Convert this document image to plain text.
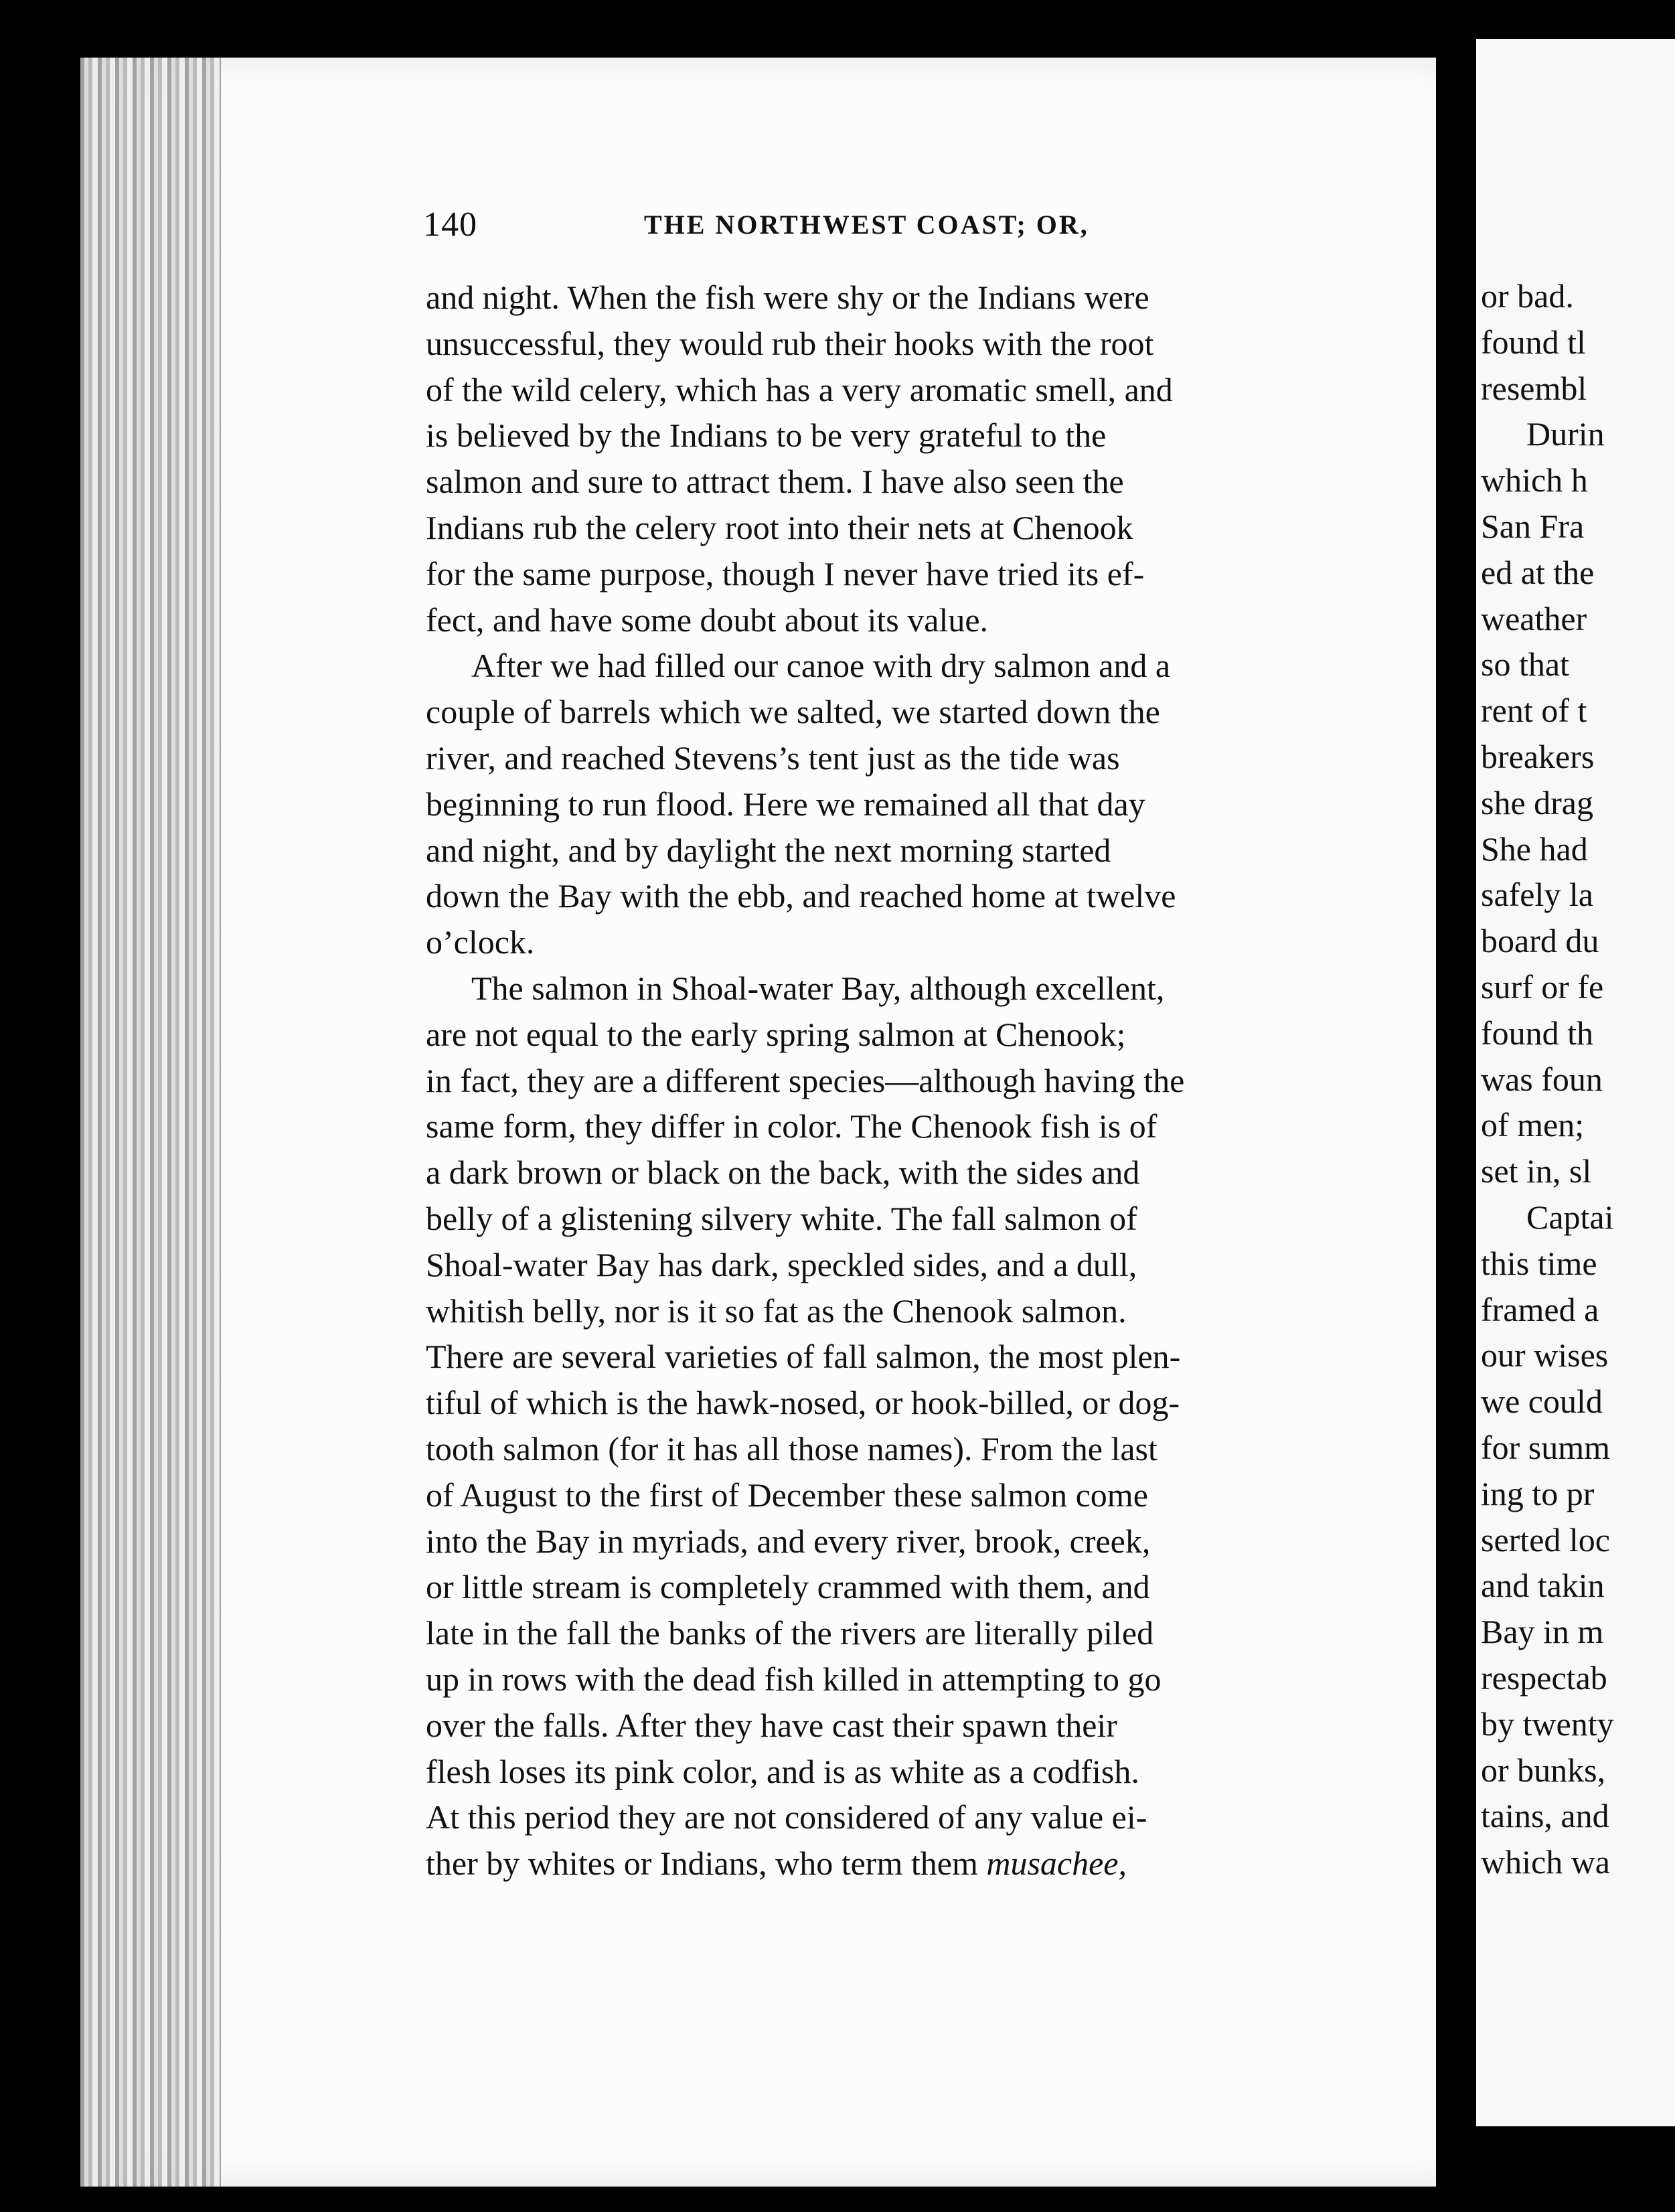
140	THE NORTHWEST COAST; OR,
and night. When the fish were shy or the Indians were
unsuccessful, they would rub their hooks with the root
of the wild celery, which has a very aromatic smell, and
is believed by the Indians to be very grateful to the
salmon and sure to attract them. I have also seen the
Indians rub the celery root into their nets at Chenook
for the same purpose, though I never have tried its ef-
fect, and have some doubt about its value.
After we had filled our canoe with dry salmon and a
couple of barrels which we salted, we started down the
river, and reached Stevens’s tent just as the tide was
beginning to run flood. Here we remained all that day
and night, and by daylight the next morning started
down the Bay with the ebb, and reached home at twelve
o’clock.
The salmon in Shoal-water Bay, although excellent,
are not equal to the early spring salmon at Chenook;
in fact, they are a different species—although having the
same form, they differ in color. The Chenook fish is of
a dark brown or black on the back, with the sides and
belly of a glistening silvery white. The fall salmon of
Shoal-water Bay has dark, speckled sides, and a dull,
whitish belly, nor is it so fat as the Chenook salmon.
There are several varieties of fall salmon, the most plen-
tiful of which is the hawk-nosed, or hook-billed, or dog-
tooth salmon (for it has all those names). From the last
of August to the first of December these salmon come
into the Bay in myriads, and every river, brook, creek,
or little stream is completely crammed with them, and
late in the fall the banks of the rivers are literally piled
up in rows with the dead fish killed in attempting to go
over the falls. After they have cast their spawn their
flesh loses its pink color, and is as white as a codfish.
At this period they are not considered of any value ei-
ther by whites or Indians, who term them musachee,
or bad.
found tl
resembl
Durin
which h
San Fra
ed at the
weather
so that
rent of t
breakers
she drag
She had
safely la
board du
surf or fe
found th
was foun
of men;
set in, sl
Captai
this time
framed a
our wises
we could
for summ
ing to pr
serted loc
and takin
Bay in m
respectab
by twenty
or bunks,
tains, and
which wa
